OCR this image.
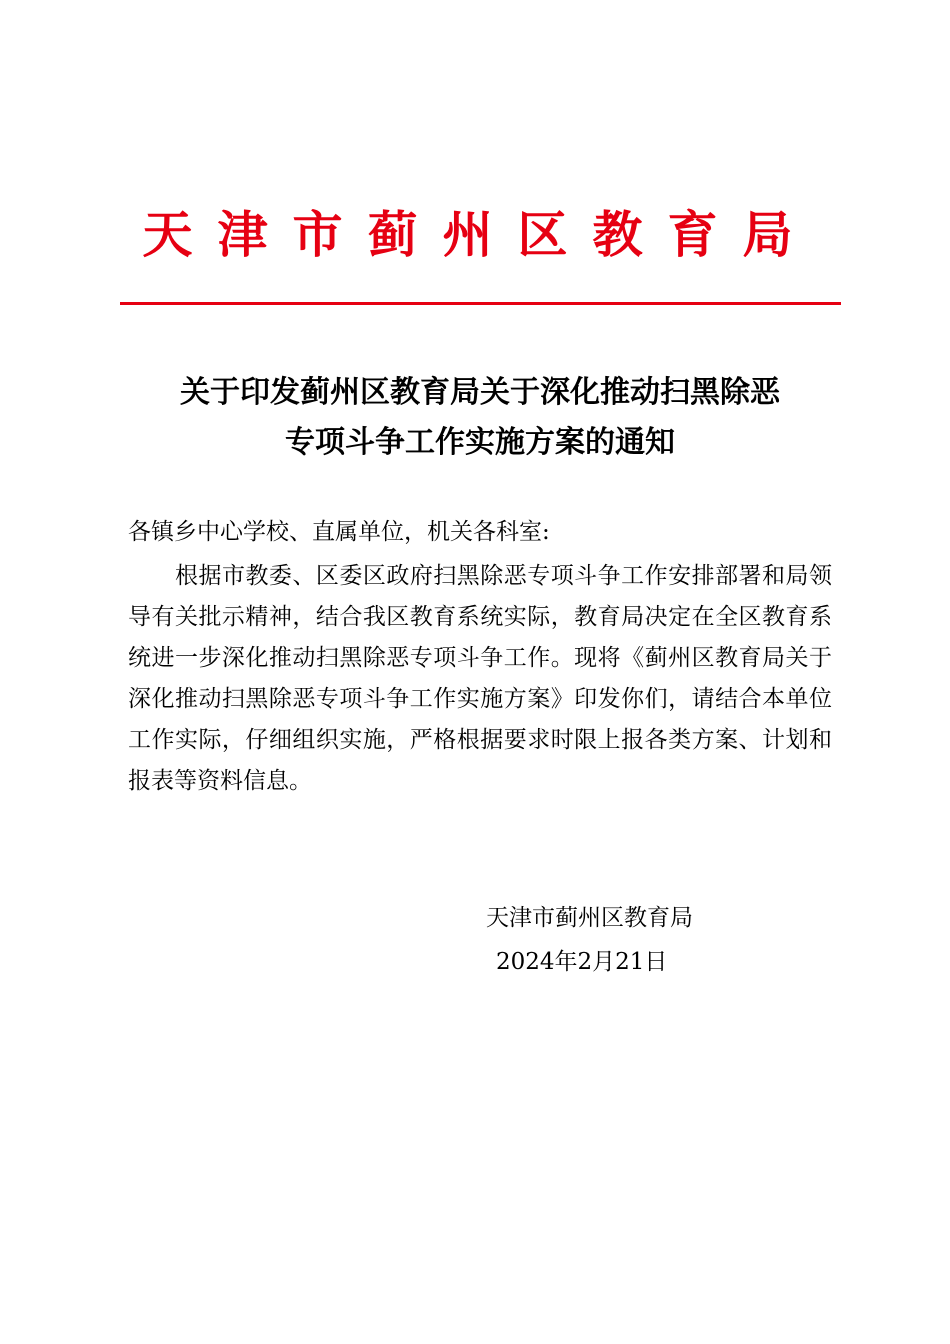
天津市蓟州区教育局
关于印发蓟州区教育局关于深化推动扫黑除恶
专项斗争工作实施方案的通知
各镇乡中心学校、直属单位，机关各科室:

根据市教委、区委区政府扫黑除恶专项斗争工作安排部署和局领导有关批示精神，结合我区教育系统实际，教育局决定在全区教育系统进一步深化推动扫黑除恶专项斗争工作。现将《蓟州区教育局关于深化推动扫黑除恶专项斗争工作实施方案》印发你们，请结合本单位工作实际，仔细组织实施，严格根据要求时限上报各类方案、计划和报表等资料信息。

天津市蓟州区教育局
2024年2月21日
